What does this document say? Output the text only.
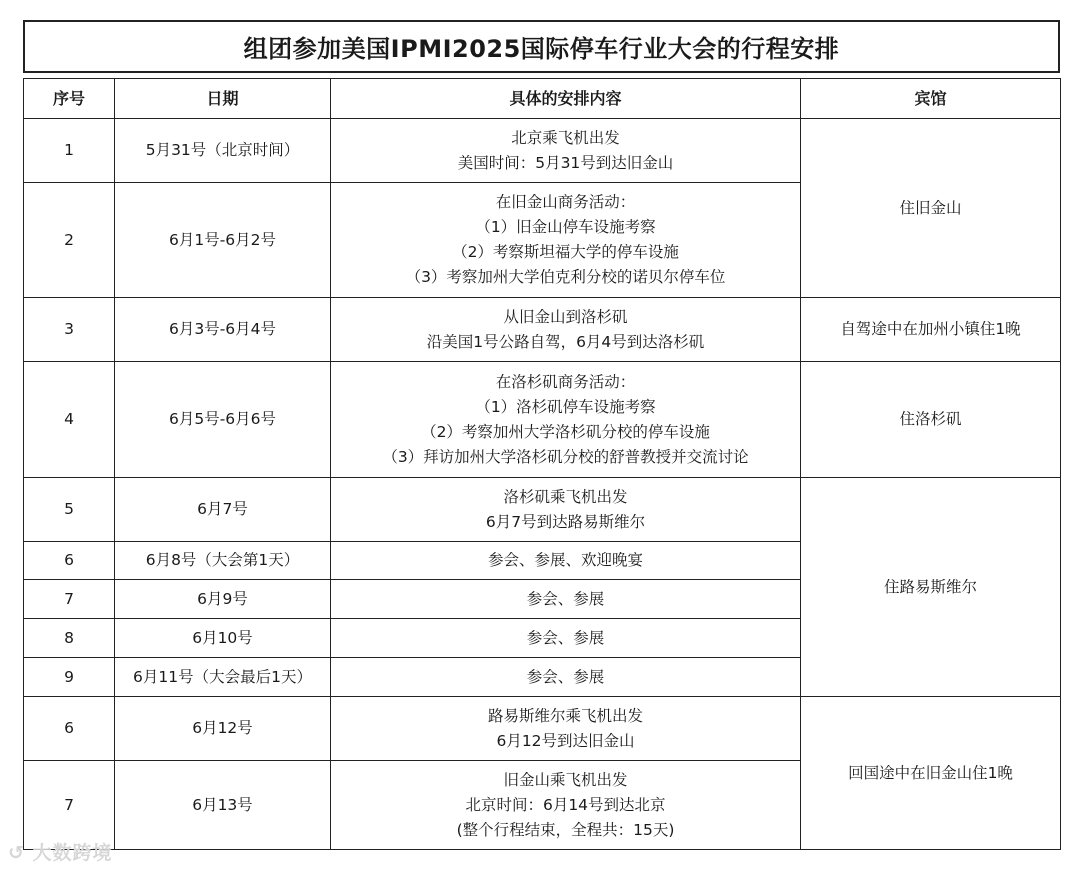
组团参加美国IPMI2025国际停车行业大会的行程安排
序号	日期	具体的安排内容	宾馆
1	5月31号（北京时间）	北京乘飞机出发
美国时间：5月31号到达旧金山	住旧金山
2	6月1号-6月2号	在旧金山商务活动：
（1）旧金山停车设施考察
（2）考察斯坦福大学的停车设施
（3）考察加州大学伯克利分校的诺贝尔停车位	

3	6月3号-6月4号	从旧金山到洛杉矶
沿美国1号公路自驾，6月4号到达洛杉矶	自驾途中在加州小镇住1晚
4	6月5号-6月6号	在洛杉矶商务活动：
（1）洛杉矶停车设施考察
（2）考察加州大学洛杉矶分校的停车设施
（3）拜访加州大学洛杉矶分校的舒普教授并交流讨论	住洛杉矶
5	6月7号	洛杉矶乘飞机出发
6月7号到达路易斯维尔	住路易斯维尔
6	6月8号（大会第1天）	参会、参展、欢迎晚宴	
7	6月9号	参会、参展	
8	6月10号	参会、参展	
9	6月11号（大会最后1天）	参会、参展	
6	6月12号	路易斯维尔乘飞机出发
6月12号到达旧金山	回国途中在旧金山住1晚
7	6月13号	旧金山乘飞机出发
北京时间：6月14号到达北京
(整个行程结束，全程共：15天)	
↺ 大数跨境
